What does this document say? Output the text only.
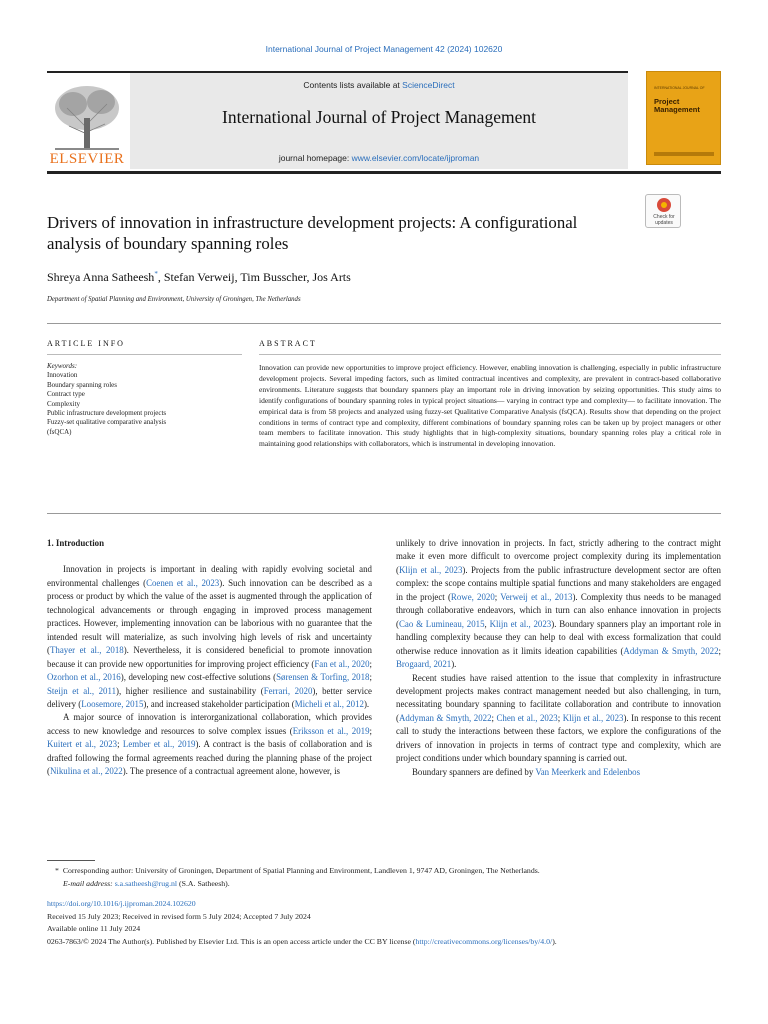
International Journal of Project Management 42 (2024) 102620
ELSEVIER
Contents lists available at ScienceDirect
International Journal of Project Management
journal homepage: www.elsevier.com/locate/ijproman
INTERNATIONAL JOURNAL OF
Project Management
Check for updates
Drivers of innovation in infrastructure development projects: A configurational analysis of boundary spanning roles
Shreya Anna Satheesh*, Stefan Verweij, Tim Busscher, Jos Arts
Department of Spatial Planning and Environment, University of Groningen, The Netherlands
ARTICLE INFO	ABSTRACT
Keywords:
Innovation
Boundary spanning roles
Contract type
Complexity
Public infrastructure development projects
Fuzzy-set qualitative comparative analysis
(fsQCA)
Innovation can provide new opportunities to improve project efficiency. However, enabling innovation is challenging, especially in public infrastructure development projects. Several impeding factors, such as limited contractual incentives and complexity, are prevalent in contract-based collaborative environments. Literature suggests that boundary spanners play an important role in driving innovation by seizing opportunities. This study aims to identify configurations of boundary spanning roles in typical project situations— varying in contract type and complexity— to facilitate innovation. The empirical data is from 58 projects and analyzed using fuzzy-set Qualitative Comparative Analysis (fsQCA). Results show that depending on the project conditions in terms of contract type and complexity, different combinations of boundary spanning roles can be taken up by project managers or other team members to facilitate innovation. This study highlights that in high-complexity situations, boundary spanning roles play a critical role in maintaining good relationships with collaborators, which is instrumental in developing innovation.
1. Introduction

Innovation in projects is important in dealing with rapidly evolving societal and environmental challenges (Coenen et al., 2023). Such innovation can be described as a process or product by which the value of the asset is augmented through the application of technological advancements or through engaging in improved process management practices. However, implementing innovation can be laborious with no guarantee that the intended result will materialize, as such involving high levels of risk and uncertainty (Thayer et al., 2018). Nevertheless, it is considered beneficial to promote innovation because it can provide new opportunities for improving project efficiency (Fan et al., 2020; Ozorhon et al., 2016), developing new cost-effective solutions (Sørensen & Torfing, 2018; Steijn et al., 2011), higher resilience and sustainability (Ferrari, 2020), better service delivery (Loosemore, 2015), and increased stakeholder participation (Micheli et al., 2012).

A major source of innovation is interorganizational collaboration, which provides access to new knowledge and resources to solve complex issues (Eriksson et al., 2019; Kuitert et al., 2023; Lember et al., 2019). A contract is the basis of collaboration and is drafted following the formal agreements reached during the planning phase of the project (Nikulina et al., 2022). The presence of a contractual agreement alone, however, is

unlikely to drive innovation in projects. In fact, strictly adhering to the contract might make it even more difficult to overcome project complexity during its implementation (Klijn et al., 2023). Projects from the public infrastructure development sector are often complex: the scope contains multiple spatial functions and many stakeholders are engaged in the project (Rowe, 2020; Verweij et al., 2013). Complexity thus needs to be managed through collaborative endeavors, which in turn can also enhance innovation in projects (Cao & Lumineau, 2015, Klijn et al., 2023). Boundary spanners play an important role in handling complexity because they can help to deal with excess formalization that could otherwise reduce innovation as it limits ideation capabilities (Addyman & Smyth, 2022; Brogaard, 2021).

Recent studies have raised attention to the issue that complexity in infrastructure development projects makes contract management needed but also challenging, in turn, necessitating boundary spanning to facilitate collaboration and contribute to innovation (Addyman & Smyth, 2022; Chen et al., 2023; Klijn et al., 2023). In response to this recent call to study the interactions between these factors, we explore the configurations of the drivers of innovation in projects in terms of contract type and complexity, which are project conditions under which boundary spanning is carried out.

Boundary spanners are defined by Van Meerkerk and Edelenbos

* Corresponding author: University of Groningen, Department of Spatial Planning and Environment, Landleven 1, 9747 AD, Groningen, The Netherlands.
E-mail address: s.a.satheesh@rug.nl (S.A. Satheesh).
https://doi.org/10.1016/j.ijproman.2024.102620
Received 15 July 2023; Received in revised form 5 July 2024; Accepted 7 July 2024
Available online 11 July 2024
0263-7863/© 2024 The Author(s). Published by Elsevier Ltd. This is an open access article under the CC BY license (http://creativecommons.org/licenses/by/4.0/).
